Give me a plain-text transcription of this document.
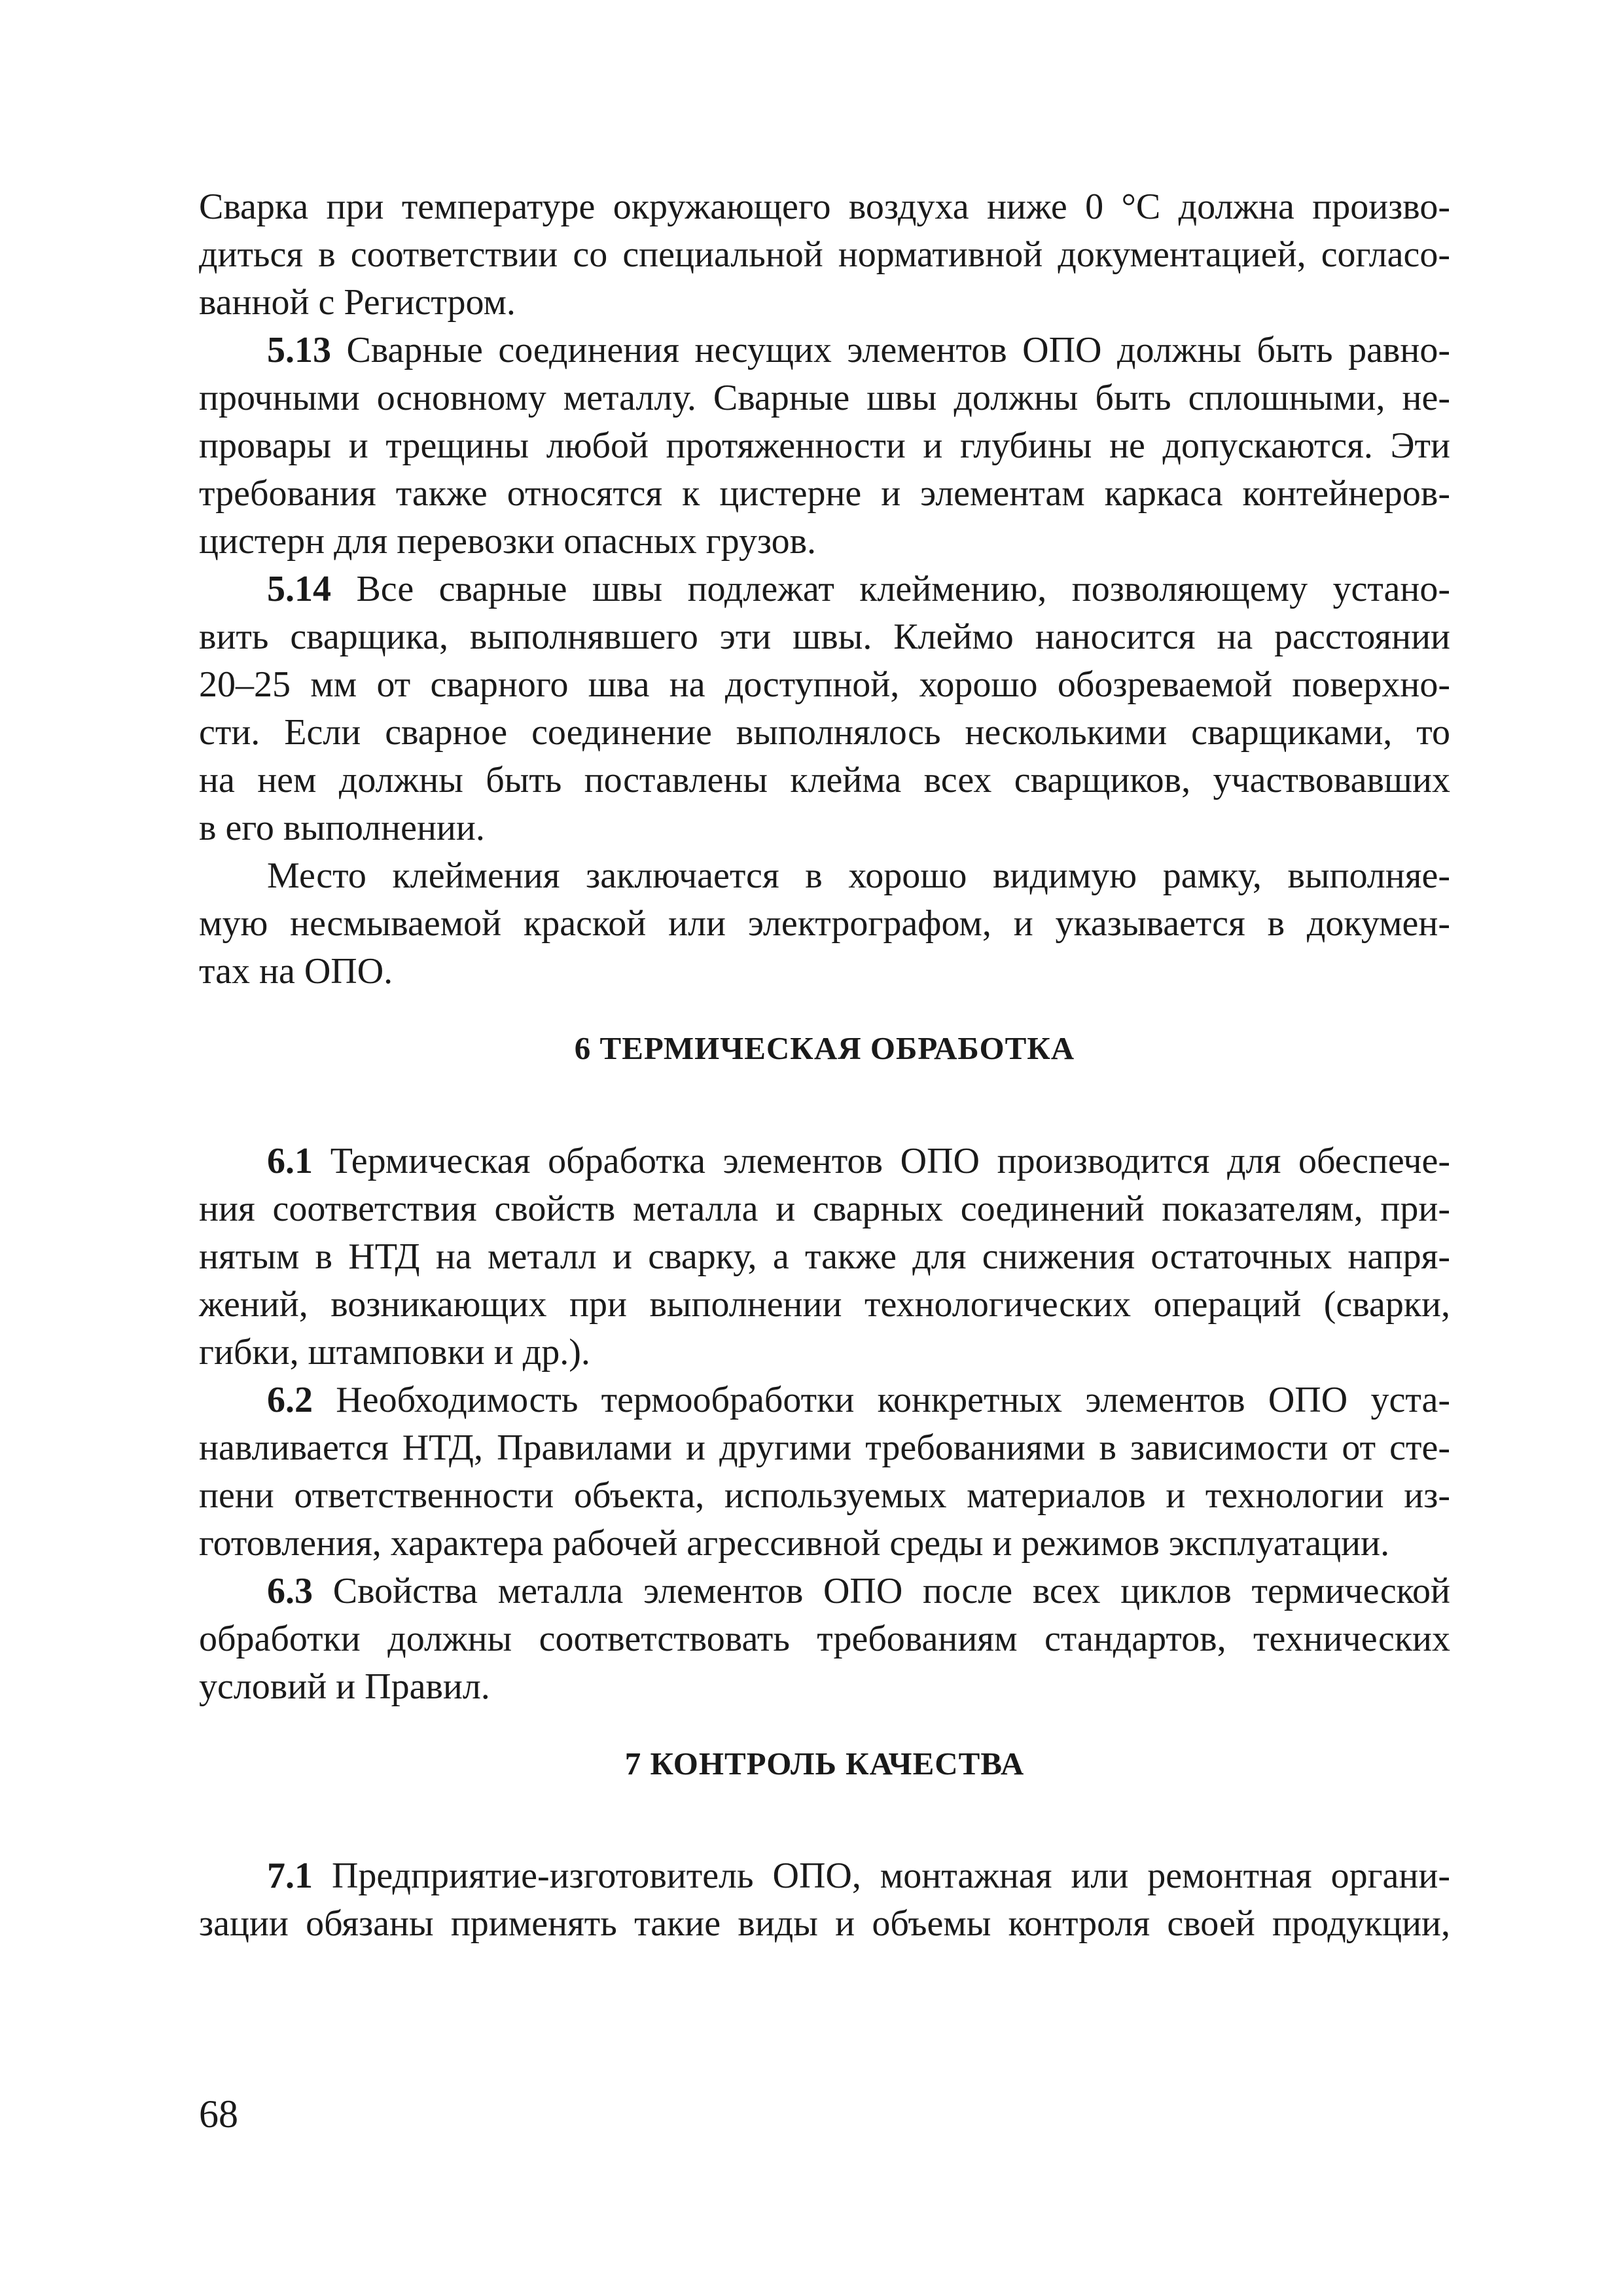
Сварка при температуре окружающего воздуха ниже 0 °С должна произво-
диться в соответствии со специальной нормативной документацией, согласо-
ванной с Регистром.
5.13 Сварные соединения несущих элементов ОПО должны быть равно-
прочными основному металлу. Сварные швы должны быть сплошными, не-
провары и трещины любой протяженности и глубины не допускаются. Эти
требования также относятся к цистерне и элементам каркаса контейнеров-
цистерн для перевозки опасных грузов.
5.14 Все сварные швы подлежат клеймению, позволяющему устано-
вить сварщика, выполнявшего эти швы. Клеймо наносится на расстоянии
20–25 мм от сварного шва на доступной, хорошо обозреваемой поверхно-
сти. Если сварное соединение выполнялось несколькими сварщиками, то
на нем должны быть поставлены клейма всех сварщиков, участвовавших
в его выполнении.
Место клеймения заключается в хорошо видимую рамку, выполняе-
мую несмываемой краской или электрографом, и указывается в докумен-
тах на ОПО.
6 ТЕРМИЧЕСКАЯ ОБРАБОТКА
6.1 Термическая обработка элементов ОПО производится для обеспече-
ния соответствия свойств металла и сварных соединений показателям, при-
нятым в НТД на металл и сварку, а также для снижения остаточных напря-
жений, возникающих при выполнении технологических операций (сварки,
гибки, штамповки и др.).
6.2 Необходимость термообработки конкретных элементов ОПО уста-
навливается НТД, Правилами и другими требованиями в зависимости от сте-
пени ответственности объекта, используемых материалов и технологии из-
готовления, характера рабочей агрессивной среды и режимов эксплуатации.
6.3 Свойства металла элементов ОПО после всех циклов термической
обработки должны соответствовать требованиям стандартов, технических
условий и Правил.
7 КОНТРОЛЬ КАЧЕСТВА
7.1 Предприятие-изготовитель ОПО, монтажная или ремонтная органи-
зации обязаны применять такие виды и объемы контроля своей продукции,
68
